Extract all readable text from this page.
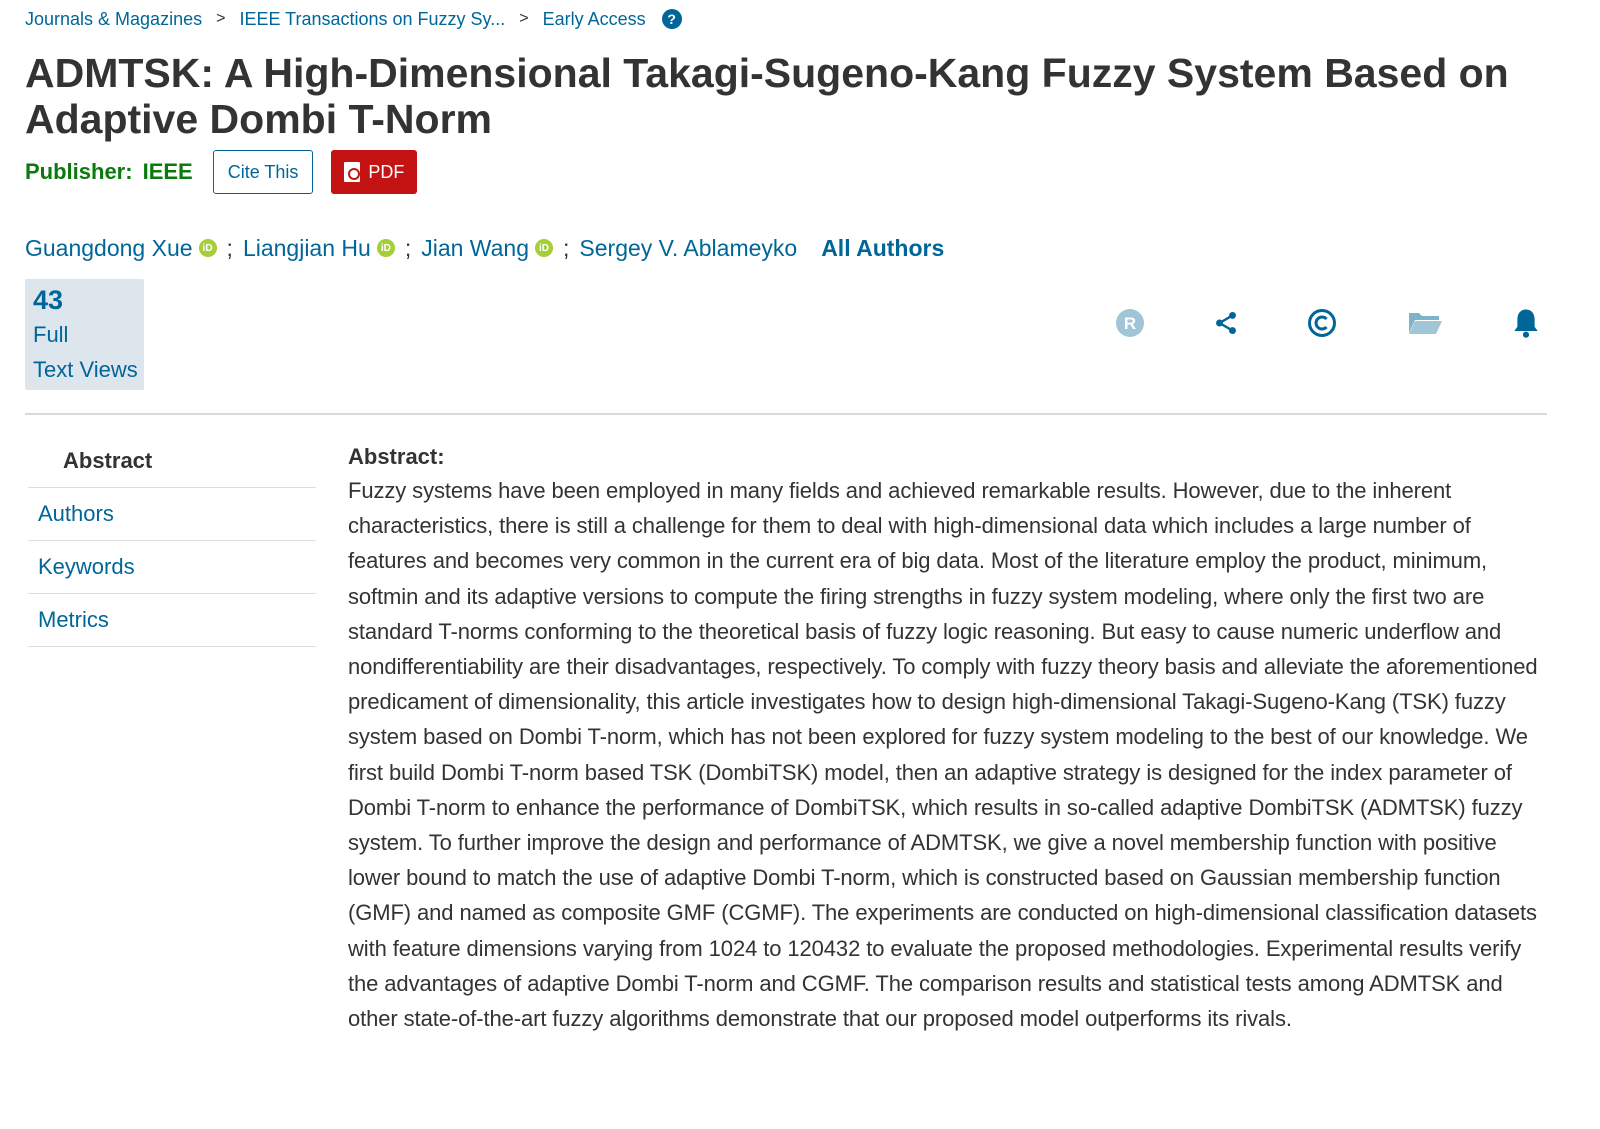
Journals & Magazines > IEEE Transactions on Fuzzy Sy... > Early Access	?
ADMTSK: A High-Dimensional Takagi-Sugeno-Kang Fuzzy System Based on Adaptive Dombi T-Norm
Publisher: IEEE	Cite This	PDF
Guangdong Xue	iD ; Liangjian Hu	iD ; Jian Wang	iD ; Sergey V. Ablameyko All Authors
43
Full
Text Views
R
Abstract
Authors
Keywords
Metrics
Abstract:
Fuzzy systems have been employed in many fields and achieved remarkable results. However, due to the inherent characteristics, there is still a challenge for them to deal with high-dimensional data which includes a large number of features and becomes very common in the current era of big data. Most of the literature employ the product, minimum, softmin and its adaptive versions to compute the firing strengths in fuzzy system modeling, where only the first two are standard T-norms conforming to the theoretical basis of fuzzy logic reasoning. But easy to cause numeric underflow and nondifferentiability are their disadvantages, respectively. To comply with fuzzy theory basis and alleviate the aforementioned predicament of dimensionality, this article investigates how to design high-dimensional Takagi-Sugeno-Kang (TSK) fuzzy system based on Dombi T-norm, which has not been explored for fuzzy system modeling to the best of our knowledge. We first build Dombi T-norm based TSK (DombiTSK) model, then an adaptive strategy is designed for the index parameter of Dombi T-norm to enhance the performance of DombiTSK, which results in so-called adaptive DombiTSK (ADMTSK) fuzzy system. To further improve the design and performance of ADMTSK, we give a novel membership function with positive lower bound to match the use of adaptive Dombi T-norm, which is constructed based on Gaussian membership function (GMF) and named as composite GMF (CGMF). The experiments are conducted on high-dimensional classification datasets with feature dimensions varying from 1024 to 120432 to evaluate the proposed methodologies. Experimental results verify the advantages of adaptive Dombi T-norm and CGMF. The comparison results and statistical tests among ADMTSK and other state-of-the-art fuzzy algorithms demonstrate that our proposed model outperforms its rivals.
